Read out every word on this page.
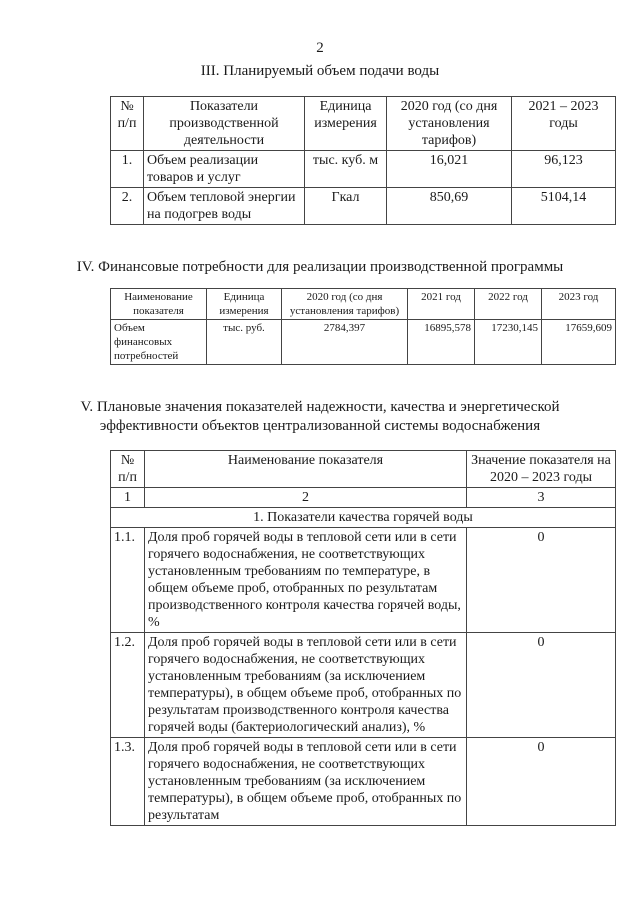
2
III. Планируемый объем подачи воды
№ п/п	Показатели производственной деятельности	Единица измерения	2020 год (со дня установления тарифов)	2021 – 2023 годы
1.	Объем реализации товаров и услуг	тыс. куб. м	16,021	96,123
2.	Объем тепловой энергии на подогрев воды	Гкал	850,69	5104,14
IV. Финансовые потребности для реализации производственной программы
Наименование показателя	Единица измерения	2020 год (со дня установления тарифов)	2021 год	2022 год	2023 год
Объем финансовых потребностей	тыс. руб.	2784,397	16895,578	17230,145	17659,609
V. Плановые значения показателей надежности, качества и энергетической
эффективности объектов централизованной системы водоснабжения
№ п/п	Наименование показателя	Значение показателя на 2020 – 2023 годы
1	2	3
1. Показатели качества горячей воды		
1.1.	Доля проб горячей воды в тепловой сети или в сети горячего водоснабжения, не соответствующих установленным требованиям по температуре, в общем объеме проб, отобранных по результатам производственного контроля качества горячей воды, %	0
1.2.	Доля проб горячей воды в тепловой сети или в сети горячего водоснабжения, не соответствующих установленным требованиям (за исключением температуры), в общем объеме проб, отобранных по результатам производственного контроля качества горячей воды (бактериологический анализ), %	0
1.3.	Доля проб горячей воды в тепловой сети или в сети горячего водоснабжения, не соответствующих установленным требованиям (за исключением температуры), в общем объеме проб, отобранных по результатам	0
